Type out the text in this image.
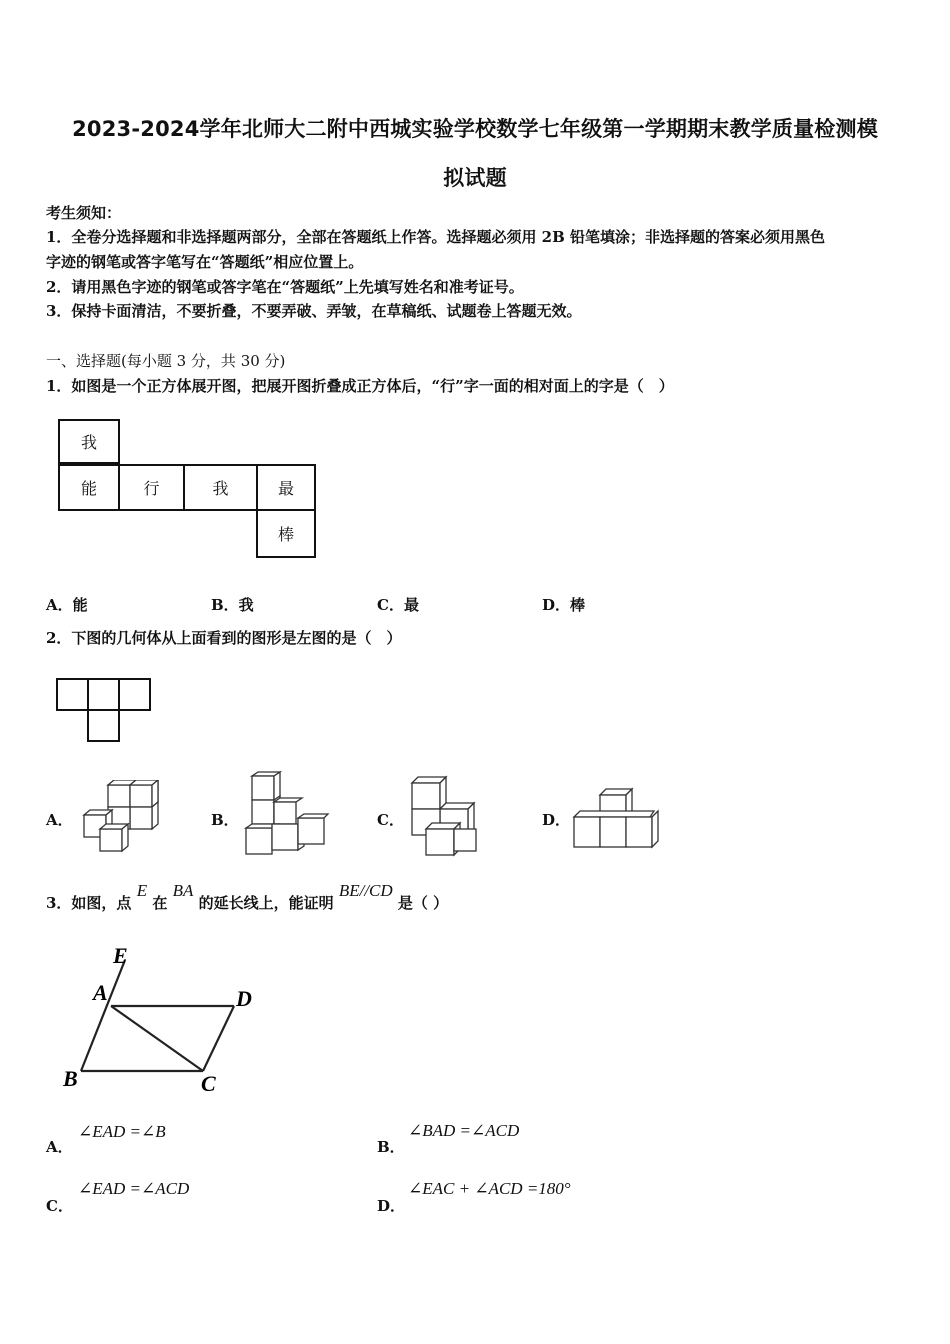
2023-2024学年北师大二附中西城实验学校数学七年级第一学期期末教学质量检测模
拟试题
考生须知：
1．全卷分选择题和非选择题两部分，全部在答题纸上作答。选择题必须用 2B 铅笔填涂；非选择题的答案必须用黑色
字迹的钢笔或答字笔写在“答题纸”相应位置上。
2．请用黑色字迹的钢笔或答字笔在“答题纸”上先填写姓名和准考证号。
3．保持卡面清洁，不要折叠，不要弄破、弄皱，在草稿纸、试题卷上答题无效。
一、选择题(每小题 3 分，共 30 分)
1．如图是一个正方体展开图，把展开图折叠成正方体后，“行”字一面的相对面上的字是（　）
我
能	行	我	最
棒
A．能	B．我	C．最	D．棒
2．下图的几何体从上面看到的图形是左图的是（　）
A．	B．	C．	D．
3．如图，点 E 在 BA 的延长线上，能证明 BE//CD 是（ ）
E
A	D
B	C
A．
∠EAD =∠B
B．
∠BAD =∠ACD
C．
∠EAD =∠ACD
D．
∠EAC + ∠ACD =180°
